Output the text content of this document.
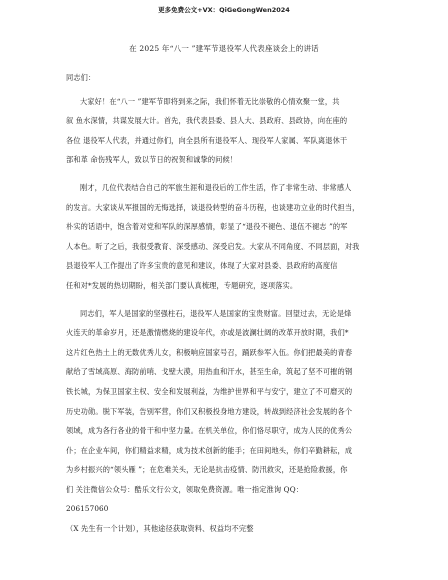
更多免费公文+VX：QiGeGongWen2024
在 2025 年“八一 ”建军节退役军人代表座谈会上的讲话

同志们：

大家好！在“八一 ”建军节即将到来之际，我们怀着无比崇敬的心情欢聚一堂，共
叙 鱼水深情，共谋发展大计。首先，我代表县委、县人大、县政府、县政协，向在座的
各位 退役军人代表，并通过你们，向全县所有退役军人、现役军人家属、军队离退休干
部和革 命伤残军人，致以节日的祝贺和诚挚的问候！

刚才，几位代表结合自己的军旅生涯和退役后的工作生活，作了非常生动、非常感人
的发言。大家谈从军报国的无悔选择，谈退役转型的奋斗历程，也谈建功立业的时代担当，
朴实的话语中，饱含着对党和军队的深厚感情，彰显了“退役不褪色、退伍不褪志 ”的军
人本色。听了之后，我很受教育、深受感动、深受启发。大家从不同角度、不同层面，对我
县退役军人工作提出了许多宝贵的意见和建议，体现了大家对县委、县政府的高度信
任和对*发展的热切期盼，相关部门要认真梳理，专题研究，逐项落实。

同志们，军人是国家的坚强柱石，退役军人是国家的宝贵财富。回望过去，无论是烽
火连天的革命岁月，还是激情燃烧的建设年代，亦或是波澜壮阔的改革开放时期，我们*
这片红色热土上的无数优秀儿女，积极响应国家号召，踊跃参军入伍。你们把最美的青春
献给了雪域高原、海防前哨、戈壁大漠，用热血和汗水，甚至生命，筑起了坚不可摧的钢
铁长城，为保卫国家主权、安全和发展利益，为维护世界和平与安宁，建立了不可磨灭的
历史功勋。脱下军装，告别军营，你们又积极投身地方建设，转战到经济社会发展的各个
领域，成为各行各业的骨干和中坚力量。在机关单位，你们恪尽职守，成为人民的优秀公
仆；在企业车间，你们精益求精，成为技术创新的能手；在田间地头，你们辛勤耕耘，成
为乡村振兴的“领头雁 ”；在危难关头，无论是抗击疫情、防汛救灾，还是抢险救援，你
们 关注微信公众号：酷乐文行公文，领取免费资源。唯一指定淮询 QQ：
206157060

（X 先生有一个计划），其他途径获取资料、权益均不完整
